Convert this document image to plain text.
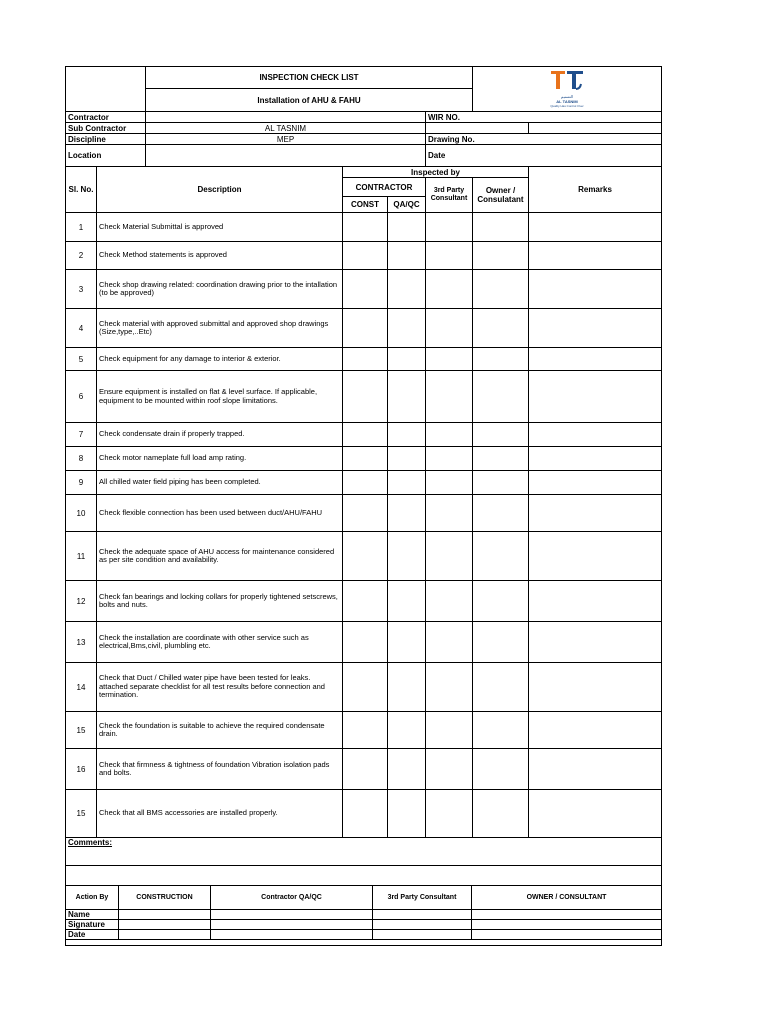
		INSPECTION CHECK LIST				التسنيم
AL TASNIM
Quality Has Control Over	

		Installation of AHU & FAHU					
Contractor					WIR NO.		
Sub Contractor		AL TASNIM					
Discipline		MEP			Drawing No.		
Location					Date		
Sl. No.	Description		Inspected by				Remarks
			CONTRACTOR		3rd Party Consultant	Owner / Consulatant	
			CONST	QA/QC			
1	Check Material Submittal is approved						
2	Check Method statements is approved						
3	Check shop drawing related: coordination drawing prior to the intallation (to be approved)						
4	Check material with approved submittal and approved shop drawings (Size,type,..Etc)						
5	Check equipment for any damage to interior & exterior.						
6	Ensure equipment is installed on flat & level surface. If applicable, equipment to be mounted within roof slope limitations.						
7	Check condensate drain if properly trapped.						
8	Check motor nameplate full load amp rating.						
9	All chilled water field piping has been completed.						
10	Check flexible connection has been used between duct/AHU/FAHU						
11	Check the adequate space of AHU access for maintenance considered as per site condition and availability.						
12	Check fan bearings and locking collars for properly tightened setscrews, bolts and nuts.						
13	Check the installation are coordinate with other service such as electrical,Bms,civil, plumbling etc.						
14	Check that Duct / Chilled water pipe have been tested for leaks. attached separate checklist for all test results before connection and termination.						
15	Check the foundation is suitable to achieve the required condensate drain.						
16	Check that firmness & tightness of foundation Vibration isolation pads and bolts.						
15	Check that all BMS accessories are installed properly.						
Comments:							

Action By	CONSTRUCTION	Contractor QA/QC	3rd Party Consultant	OWNER / CONSULTANT
Name				
Signature				
Date				
